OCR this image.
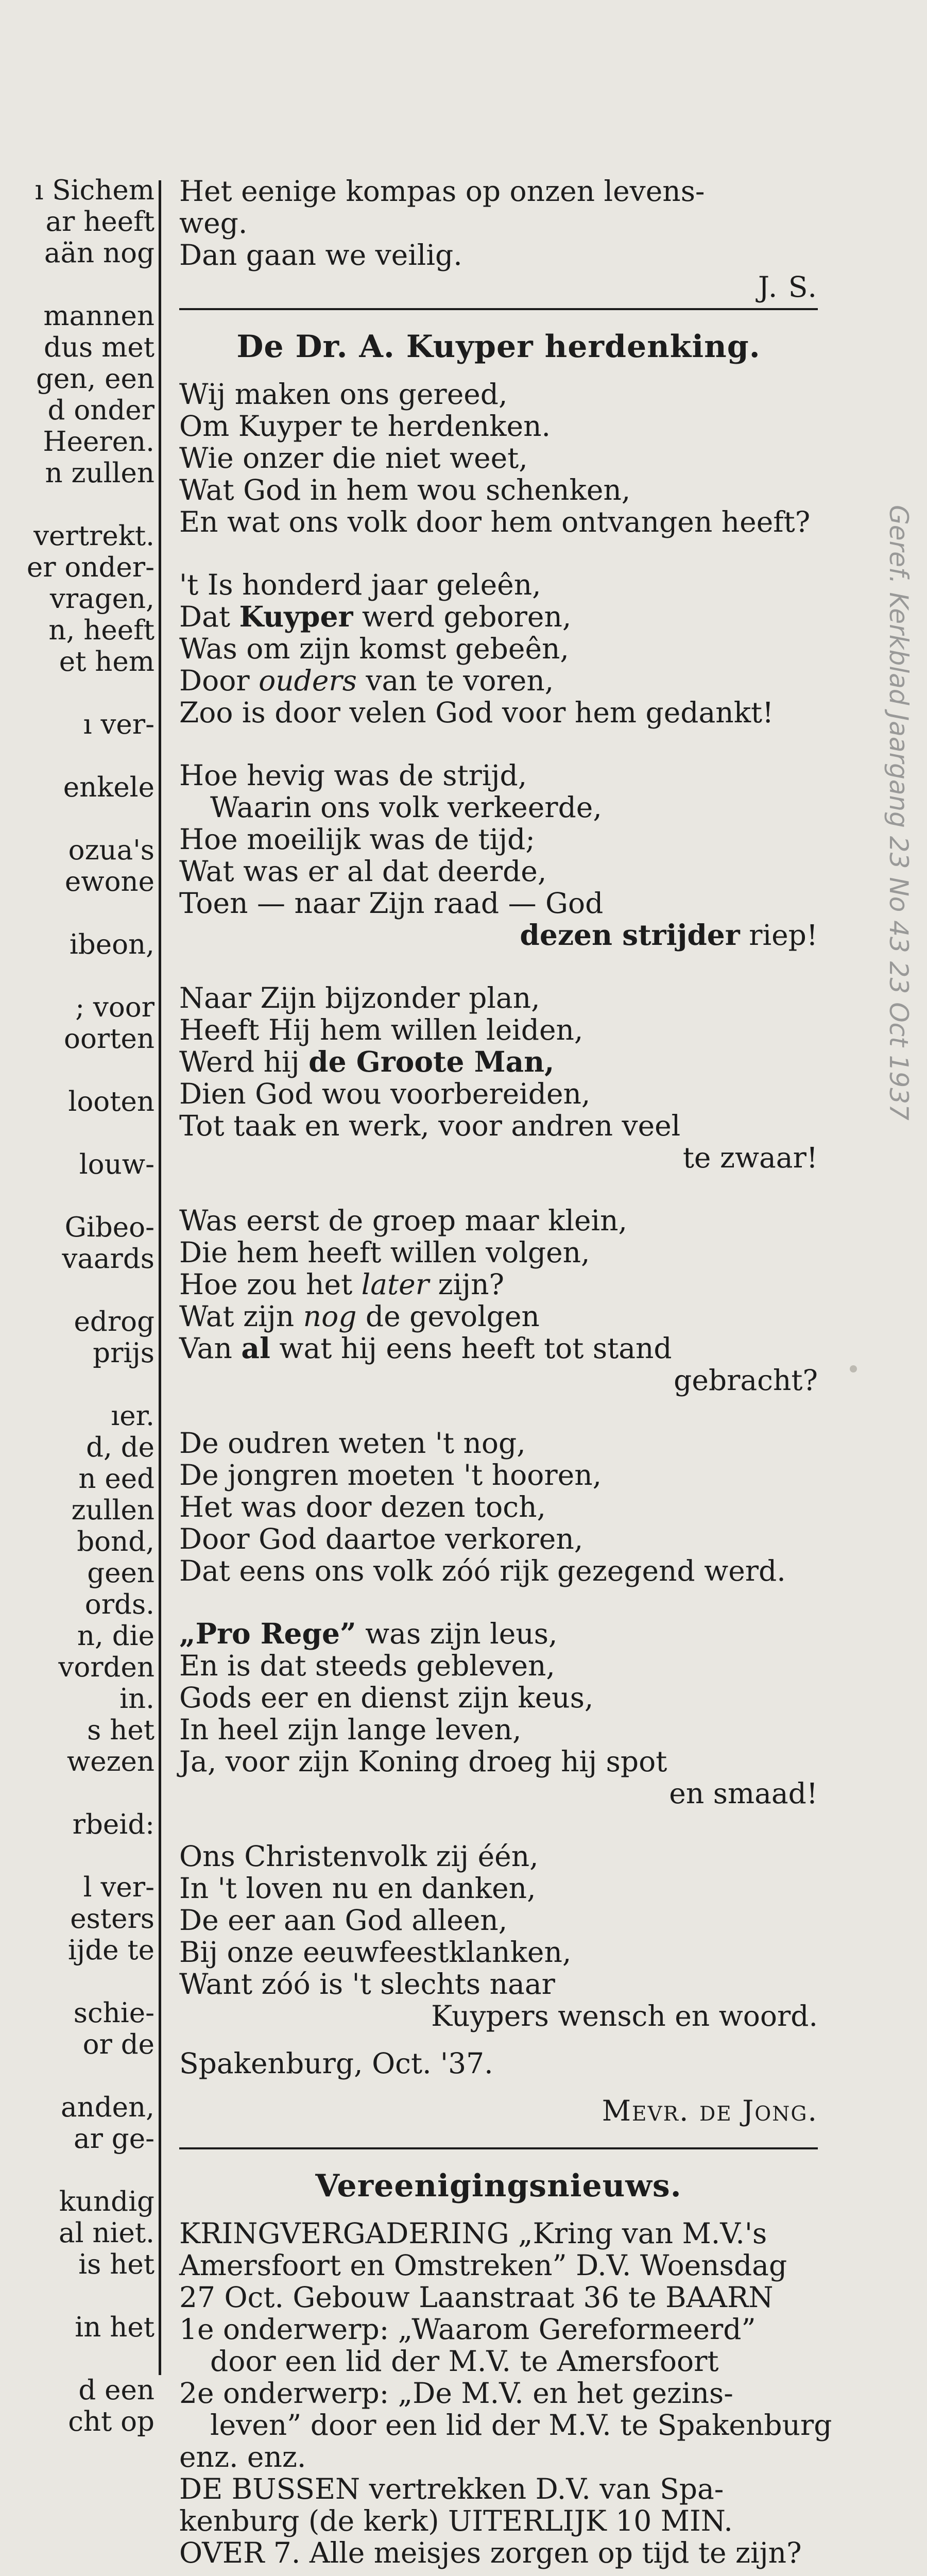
ı Sichem
ar heeft
aän nog
mannen
dus met
gen, een
d onder
Heeren.
n zullen
vertrekt.
er onder-
vragen,
n, heeft
et hem
ı ver-
enkele
ozua's
ewone
ibeon,
; voor
oorten
looten
louw-
Gibeo-
vaards
edrog
prijs
ıer.
d, de
n eed
zullen
bond,
geen
ords.
n, die
vorden
in.
s het
wezen
rbeid:
l ver-
esters
ijde te
schie-
or de
anden,
ar ge-
kundig
al niet.
is het
in het
d een
cht op
Het eenige kompas op onzen levens-
weg.
Dan gaan we veilig.
J. S.
De Dr. A. Kuyper herdenking.
Wij maken ons gereed,
Om Kuyper te herdenken.
Wie onzer die niet weet,
Wat God in hem wou schenken,
En wat ons volk door hem ontvangen heeft?
't Is honderd jaar geleên,
Dat Kuyper werd geboren,
Was om zijn komst gebeên,
Door ouders van te voren,
Zoo is door velen God voor hem gedankt!
Hoe hevig was de strijd,
Waarin ons volk verkeerde,
Hoe moeilijk was de tijd;
Wat was er al dat deerde,
Toen — naar Zijn raad — God
dezen strijder riep!
Naar Zijn bijzonder plan,
Heeft Hij hem willen leiden,
Werd hij de Groote Man,
Dien God wou voorbereiden,
Tot taak en werk, voor andren veel
te zwaar!
Was eerst de groep maar klein,
Die hem heeft willen volgen,
Hoe zou het later zijn?
Wat zijn nog de gevolgen
Van al wat hij eens heeft tot stand
gebracht?
De oudren weten 't nog,
De jongren moeten 't hooren,
Het was door dezen toch,
Door God daartoe verkoren,
Dat eens ons volk zóó rijk gezegend werd.
„Pro Rege” was zijn leus,
En is dat steeds gebleven,
Gods eer en dienst zijn keus,
In heel zijn lange leven,
Ja, voor zijn Koning droeg hij spot
en smaad!
Ons Christenvolk zij één,
In 't loven nu en danken,
De eer aan God alleen,
Bij onze eeuwfeestklanken,
Want zóó is 't slechts naar
Kuypers wensch en woord.
Spakenburg, Oct. '37.
Mevr. de Jong.
Vereenigingsnieuws.
KRINGVERGADERING „Kring van M.V.'s
Amersfoort en Omstreken” D.V. Woensdag
27 Oct. Gebouw Laanstraat 36 te BAARN
1e onderwerp: „Waarom Gereformeerd”
door een lid der M.V. te Amersfoort
2e onderwerp: „De M.V. en het gezins-
leven” door een lid der M.V. te Spakenburg
enz. enz.
DE BUSSEN vertrekken D.V. van Spa-
kenburg (de kerk) UITERLIJK 10 MIN.
OVER 7. Alle meisjes zorgen op tijd te zijn?
Geref. Kerkblad Jaargang 23 No 43 23 Oct 1937
